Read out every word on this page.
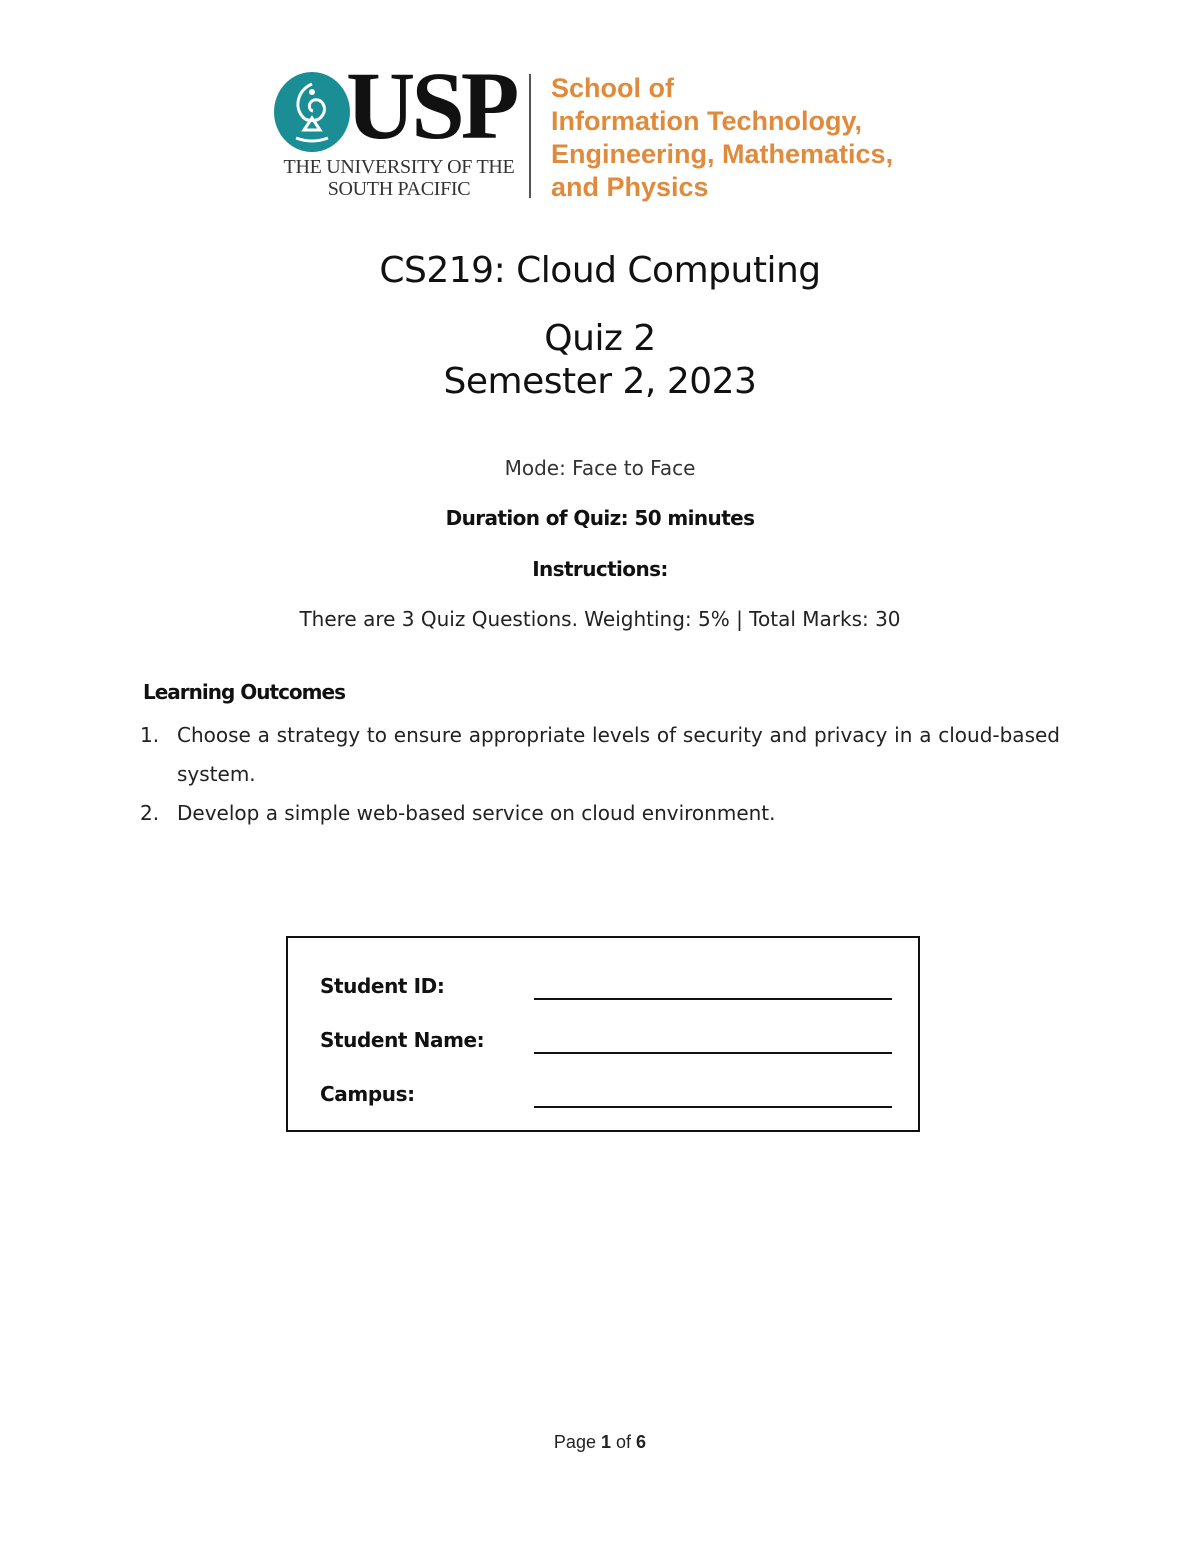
USP
THE UNIVERSITY OF THE
SOUTH PACIFIC
School of
Information Technology,
Engineering, Mathematics,
and Physics
CS219: Cloud Computing
Quiz 2
Semester 2, 2023
Mode: Face to Face
Duration of Quiz: 50 minutes
Instructions:
There are 3 Quiz Questions. Weighting: 5% | Total Marks: 30
Learning Outcomes
1. Choose a strategy to ensure appropriate levels of security and privacy in a cloud-based system.
2. Develop a simple web-based service on cloud environment.
Student ID:
Student Name:
Campus:
Page 1 of 6
